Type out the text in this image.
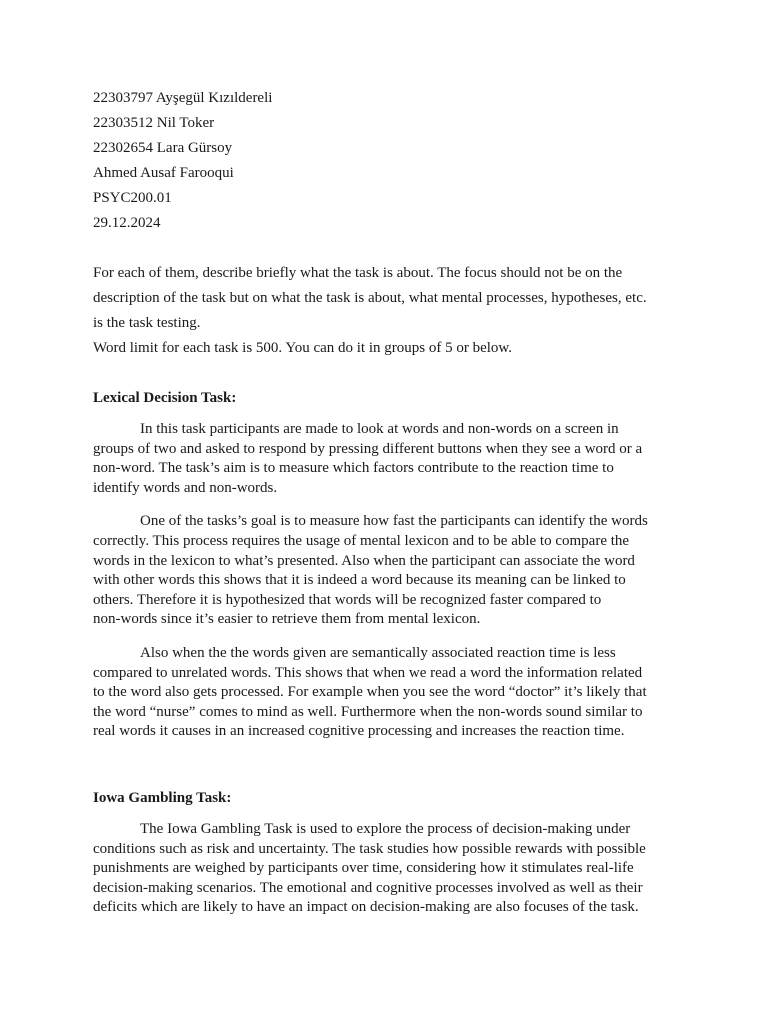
22303797 Ayşegül Kızıldereli
22303512 Nil Toker
22302654 Lara Gürsoy
Ahmed Ausaf Farooqui
PSYC200.01
29.12.2024
For each of them, describe briefly what the task is about. The focus should not be on the
description of the task but on what the task is about, what mental processes, hypotheses, etc.
is the task testing.
Word limit for each task is 500. You can do it in groups of 5 or below.
Lexical Decision Task:
In this task participants are made to look at words and non-words on a screen in
groups of two and asked to respond by pressing different buttons when they see a word or a
non-word. The task’s aim is to measure which factors contribute to the reaction time to
identify words and non-words.
One of the tasks’s goal is to measure how fast the participants can identify the words
correctly. This process requires the usage of mental lexicon and to be able to compare the
words in the lexicon to what’s presented. Also when the participant can associate the word
with other words this shows that it is indeed a word because its meaning can be linked to
others. Therefore it is hypothesized that words will be recognized faster compared to
non-words since it’s easier to retrieve them from mental lexicon.
Also when the the words given are semantically associated reaction time is less
compared to unrelated words. This shows that when we read a word the information related
to the word also gets processed. For example when you see the word “doctor” it’s likely that
the word “nurse” comes to mind as well. Furthermore when the non-words sound similar to
real words it causes in an increased cognitive processing and increases the reaction time.
Iowa Gambling Task:
The Iowa Gambling Task is used to explore the process of decision-making under
conditions such as risk and uncertainty. The task studies how possible rewards with possible
punishments are weighed by participants over time, considering how it stimulates real-life
decision-making scenarios. The emotional and cognitive processes involved as well as their
deficits which are likely to have an impact on decision-making are also focuses of the task.
